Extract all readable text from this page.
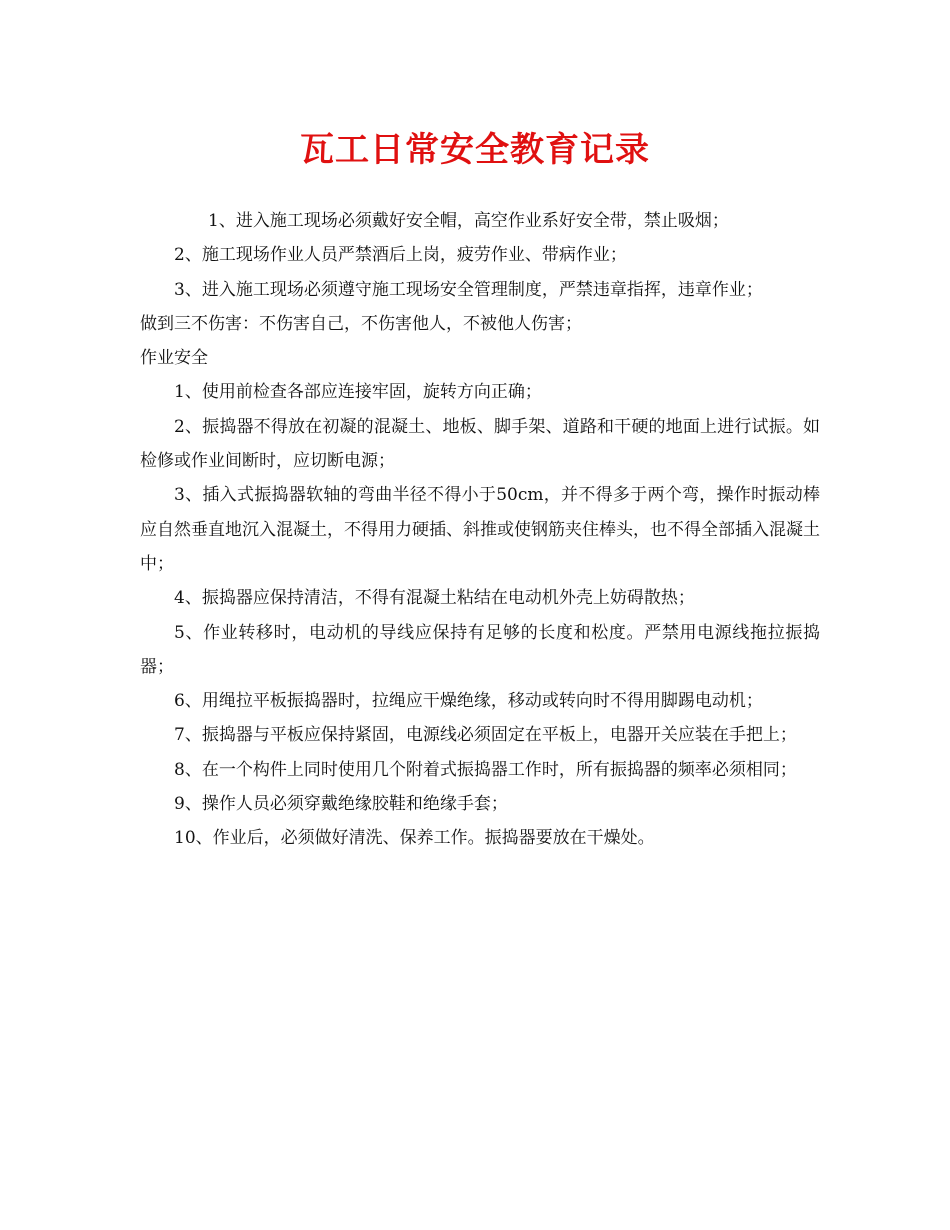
瓦工日常安全教育记录

1、进入施工现场必须戴好安全帽，高空作业系好安全带，禁止吸烟；

2、施工现场作业人员严禁酒后上岗，疲劳作业、带病作业；

3、进入施工现场必须遵守施工现场安全管理制度，严禁违章指挥，违章作业；

做到三不伤害：不伤害自己，不伤害他人，不被他人伤害；

作业安全

1、使用前检查各部应连接牢固，旋转方向正确；

2、振捣器不得放在初凝的混凝土、地板、脚手架、道路和干硬的地面上进行试振。如检修或作业间断时，应切断电源；

3、插入式振捣器软轴的弯曲半径不得小于50cm，并不得多于两个弯，操作时振动棒应自然垂直地沉入混凝土，不得用力硬插、斜推或使钢筋夹住棒头，也不得全部插入混凝土中；

4、振捣器应保持清洁，不得有混凝土粘结在电动机外壳上妨碍散热；

5、作业转移时，电动机的导线应保持有足够的长度和松度。严禁用电源线拖拉振捣器；

6、用绳拉平板振捣器时，拉绳应干燥绝缘，移动或转向时不得用脚踢电动机；

7、振捣器与平板应保持紧固，电源线必须固定在平板上，电器开关应装在手把上；

8、在一个构件上同时使用几个附着式振捣器工作时，所有振捣器的频率必须相同；

9、操作人员必须穿戴绝缘胶鞋和绝缘手套；

10、作业后，必须做好清洗、保养工作。振捣器要放在干燥处。
